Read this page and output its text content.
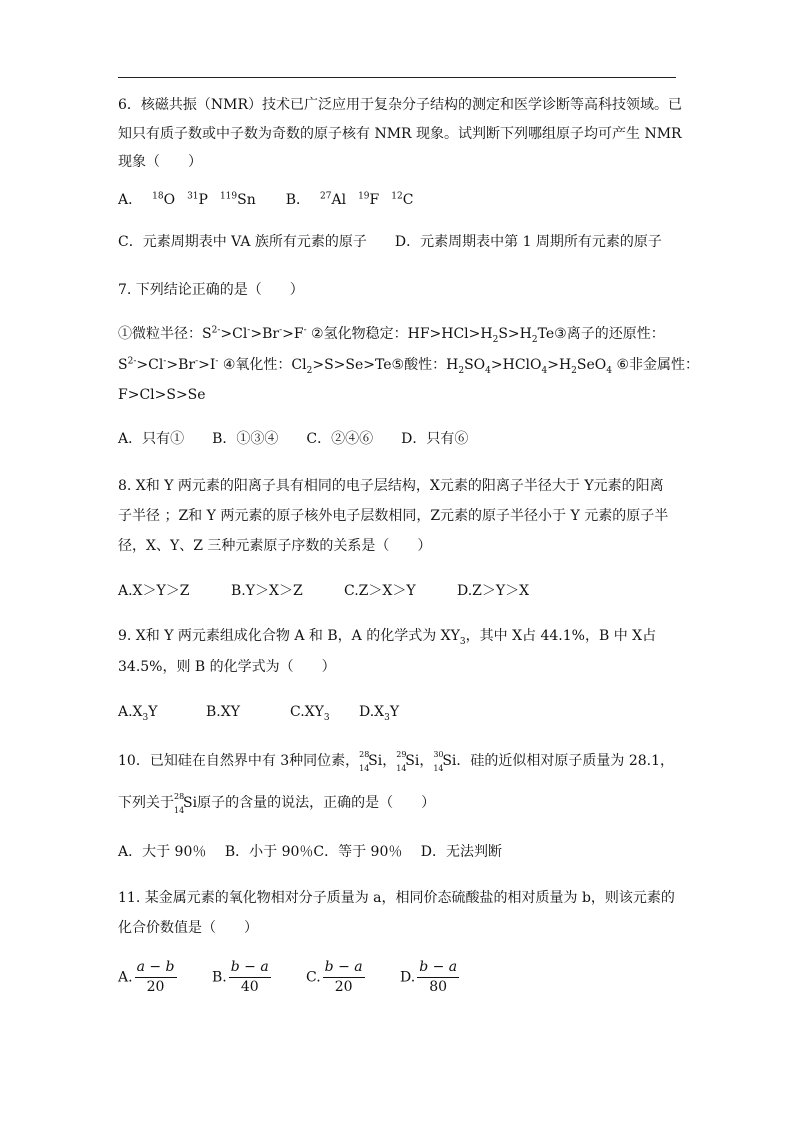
6．核磁共振（NMR）技术已广泛应用于复杂分子结构的测定和医学诊断等高科技领域。已
知只有质子数或中子数为奇数的原子核有 NMR 现象。试判断下列哪组原子均可产生 NMR
现象（　　）
A． $^{18}$O $^{31}$P $^{119}$Sn B． $^{27}$Al $^{19}$F $^{12}$C
C．元素周期表中 VA 族所有元素的原子 D．元素周期表中第 1 周期所有元素的原子
7. 下列结论正确的是（　　）
①微粒半径：$S^{2-}>Cl^->Br^->F^-$ ②氢化物稳定：$HF>HCl>H_2S>H_2Te③$离子的还原性：
$S^{2-}>Cl^->Br^->I^-$ ④氧化性：$Cl_2>S>Se>Te⑤$酸性：$H_2SO_4>HClO_4>H_2SeO_4$ ⑥非金属性：
F>Cl>S>Se
A．只有①　　B．①③④　　C．②④⑥　　D．只有⑥
8. X和 Y 两元素的阳离子具有相同的电子层结构，X元素的阳离子半径大于 Y元素的阳离
子半径 ；Z和 Y 两元素的原子核外电子层数相同，Z元素的原子半径小于 Y 元素的原子半
径，X、Y、Z 三种元素原子序数的关系是（　　）
A.X＞Y＞Z	B.Y＞X＞Z	C.Z＞X＞Y	D.Z＞Y＞X
9. X和 Y 两元素组成化合物 A 和 B，A 的化学式为 $XY_3$，其中 X占 44.1%，B 中 X占
34.5%，则 B 的化学式为（　　）
$A.X_3Y$	B.XY	$C.XY_3$ $D.X_3Y$
10．已知硅在自然界中有 3种同位素， 28
14
Si， 29
14
Si， 30
14
Si．硅的近似相对原子质量为 28.1，
下列关于 28
14
Si原子的含量的说法，正确的是（　　）
A．大于 90％　 B．小于 90％C．等于 90％　 D．无法判断
11. 某金属元素的氧化物相对分子质量为 a，相同价态硫酸盐的相对质量为 b，则该元素的
化合价数值是（　　）
A. $\frac{a - b}{20}$	B. $\frac{b - a}{40}$	C. $\frac{b - a}{20}$	D. $\frac{b - a}{80}$
